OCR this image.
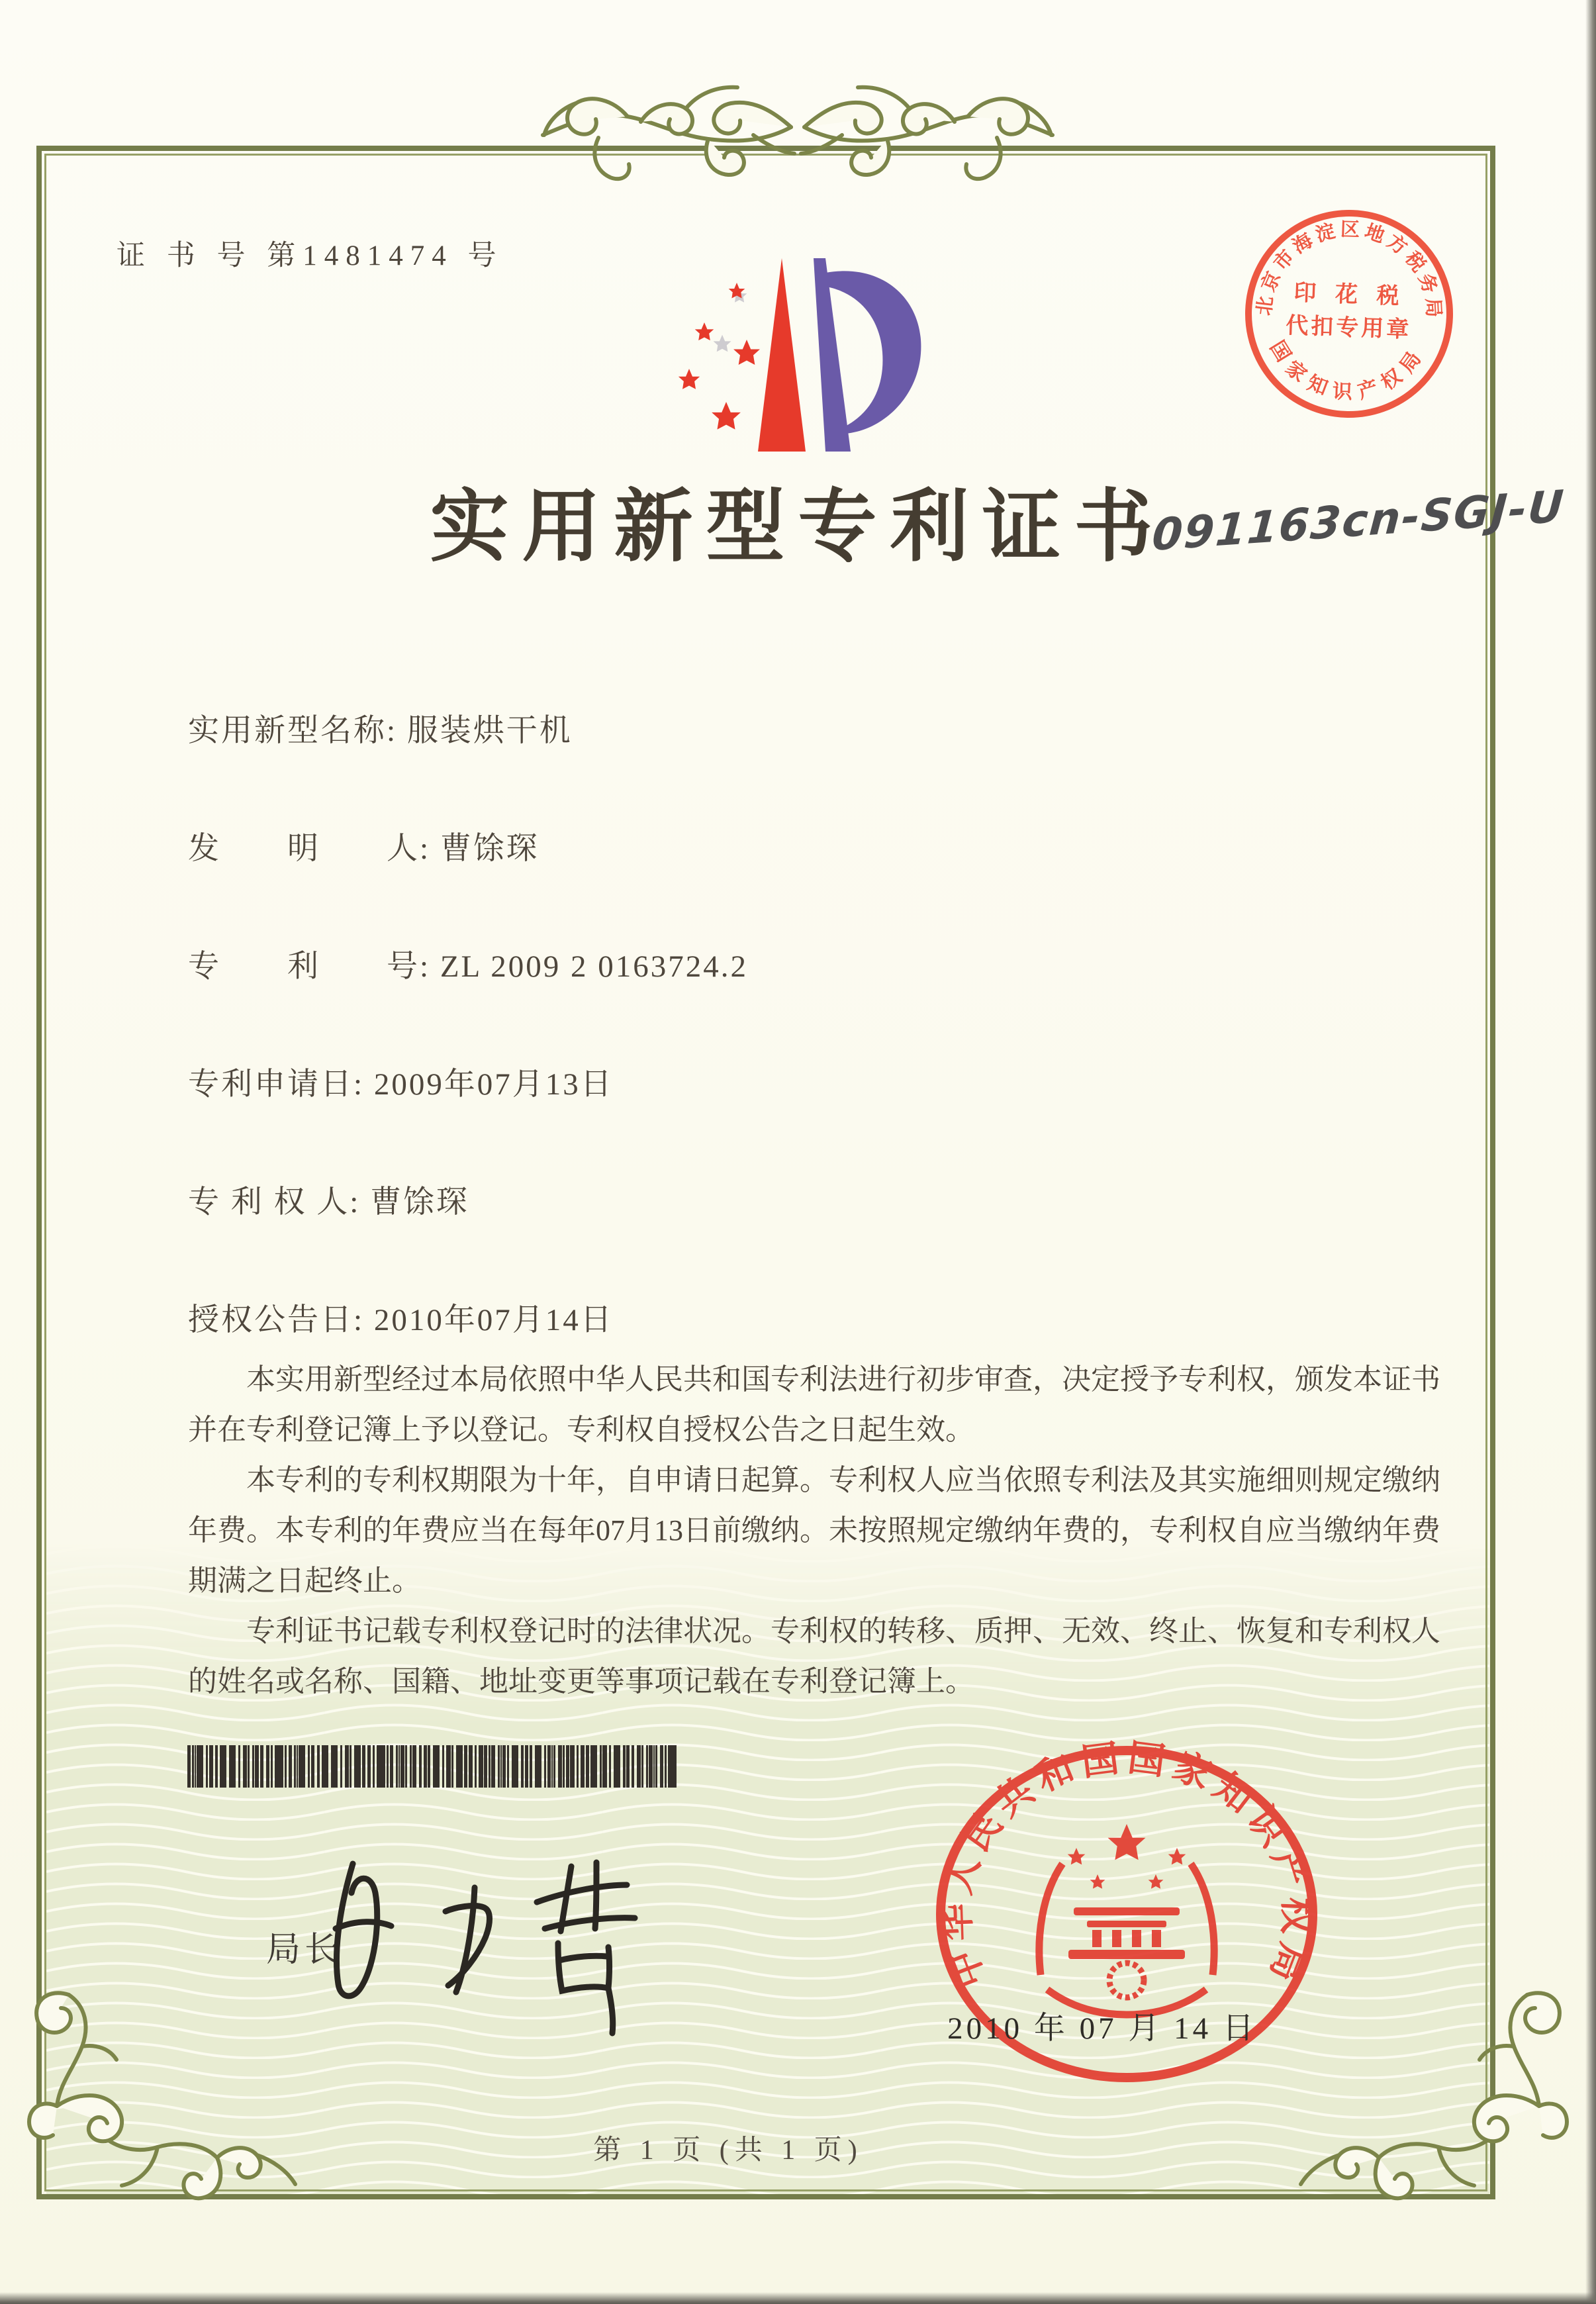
证 书 号 第1481474 号
实用新型专利证书
实用新型名称: 服装烘干机
发　　明　　人: 曹馀琛
专　　利　　号: ZL 2009 2 0163724.2
专利申请日: 2009年07月13日
专 利 权 人: 曹馀琛
授权公告日: 2010年07月14日

本实用新型经过本局依照中华人民共和国专利法进行初步审查，决定授予专利权，颁发本证书并在专利登记簿上予以登记。专利权自授权公告之日起生效。

本专利的专利权期限为十年，自申请日起算。专利权人应当依照专利法及其实施细则规定缴纳年费。本专利的年费应当在每年07月13日前缴纳。未按照规定缴纳年费的，专利权自应当缴纳年费期满之日起终止。

专利证书记载专利权登记时的法律状况。专利权的转移、质押、无效、终止、恢复和专利权人的姓名或名称、国籍、地址变更等事项记载在专利登记簿上。

局长	中华人民共和国国家知识产权局
2010 年 07 月 14 日
第 1 页 (共 1 页)
北京市海淀区地方税务局
国家知识产权局
印 花 税
代扣专用章
091163cn-SGJ-U
